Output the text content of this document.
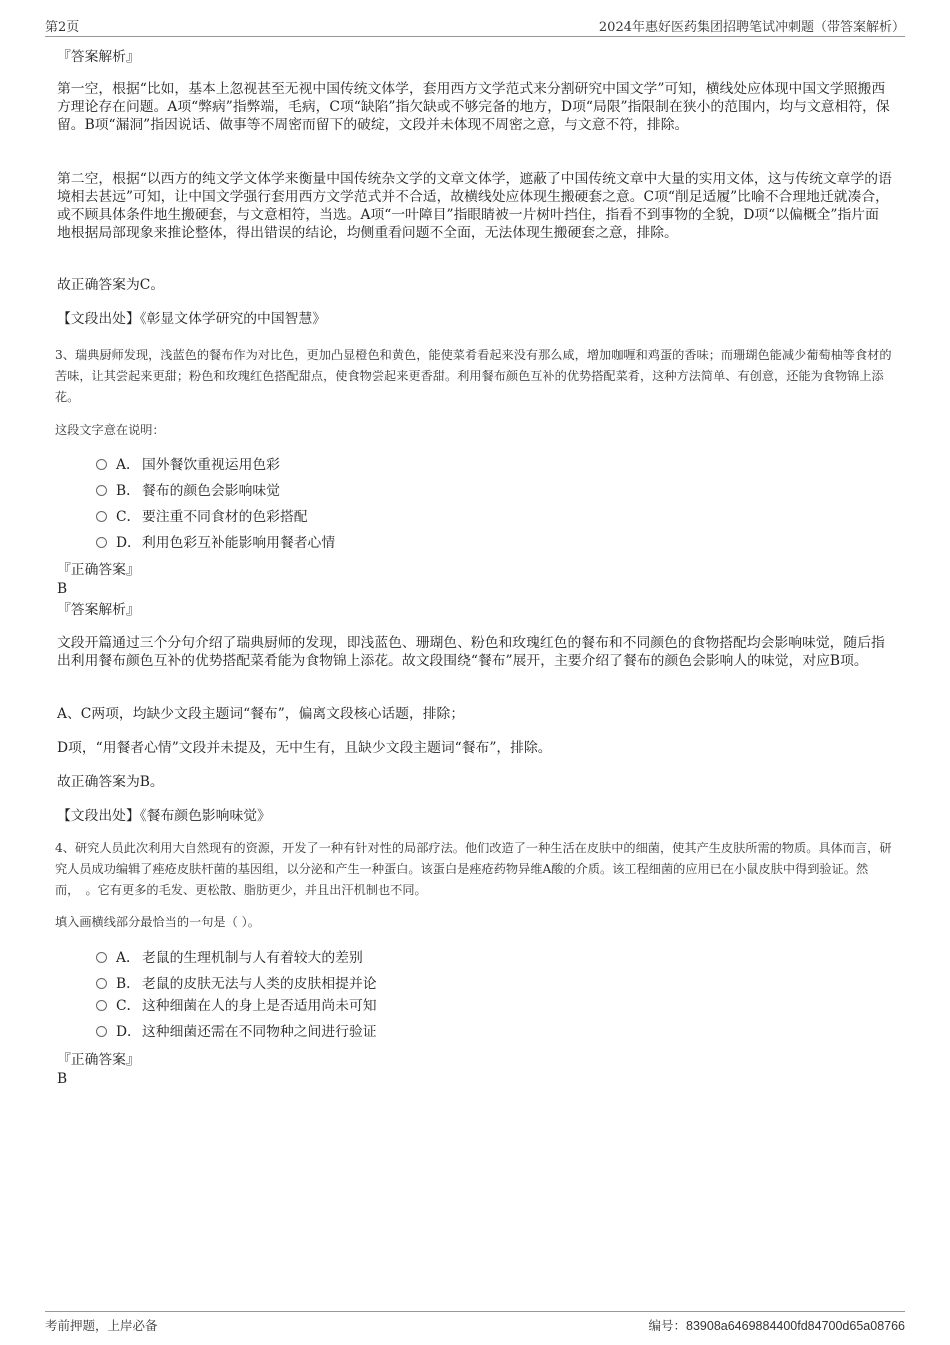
第2页	2024年惠好医药集团招聘笔试冲刺题（带答案解析）
『答案解析』
第一空，根据“比如，基本上忽视甚至无视中国传统文体学，套用西方文学范式来分割研究中国文学”可知，横线处应体现中国文学照搬西方理论存在问题。A项“弊病”指弊端，毛病，C项“缺陷”指欠缺或不够完备的地方，D项“局限”指限制在狭小的范围内，均与文意相符，保留。B项“漏洞”指因说话、做事等不周密而留下的破绽，文段并未体现不周密之意，与文意不符，排除。
第二空，根据“以西方的纯文学文体学来衡量中国传统杂文学的文章文体学，遮蔽了中国传统文章中大量的实用文体，这与传统文章学的语境相去甚远”可知，让中国文学强行套用西方文学范式并不合适，故横线处应体现生搬硬套之意。C项“削足适履”比喻不合理地迁就凑合，或不顾具体条件地生搬硬套，与文意相符，当选。A项“一叶障目”指眼睛被一片树叶挡住，指看不到事物的全貌，D项“以偏概全”指片面地根据局部现象来推论整体，得出错误的结论，均侧重看问题不全面，无法体现生搬硬套之意，排除。
故正确答案为C。
【文段出处】《彰显文体学研究的中国智慧》
3、瑞典厨师发现，浅蓝色的餐布作为对比色，更加凸显橙色和黄色，能使菜肴看起来没有那么咸，增加咖喱和鸡蛋的香味；而珊瑚色能减少葡萄柚等食材的苦味，让其尝起来更甜；粉色和玫瑰红色搭配甜点，使食物尝起来更香甜。利用餐布颜色互补的优势搭配菜肴，这种方法简单、有创意，还能为食物锦上添花。
这段文字意在说明：
A． 国外餐饮重视运用色彩
B． 餐布的颜色会影响味觉
C． 要注重不同食材的色彩搭配
D．利用色彩互补能影响用餐者心情
『正确答案』
B
『答案解析』
文段开篇通过三个分句介绍了瑞典厨师的发现，即浅蓝色、珊瑚色、粉色和玫瑰红色的餐布和不同颜色的食物搭配均会影响味觉，随后指出利用餐布颜色互补的优势搭配菜肴能为食物锦上添花。故文段围绕“餐布”展开，主要介绍了餐布的颜色会影响人的味觉，对应B项。
A、C两项，均缺少文段主题词“餐布”，偏离文段核心话题，排除；
D项，“用餐者心情”文段并未提及，无中生有，且缺少文段主题词“餐布”，排除。
故正确答案为B。
【文段出处】《餐布颜色影响味觉》
4、研究人员此次利用大自然现有的资源，开发了一种有针对性的局部疗法。他们改造了一种生活在皮肤中的细菌，使其产生皮肤所需的物质。具体而言，研究人员成功编辑了痤疮皮肤杆菌的基因组，以分泌和产生一种蛋白。该蛋白是痤疮药物异维A酸的介质。该工程细菌的应用已在小鼠皮肤中得到验证。然而，　。它有更多的毛发、更松散、脂肪更少，并且出汗机制也不同。
填入画横线部分最恰当的一句是（ ）。
A． 老鼠的生理机制与人有着较大的差别
B． 老鼠的皮肤无法与人类的皮肤相提并论
C． 这种细菌在人的身上是否适用尚未可知
D．这种细菌还需在不同物种之间进行验证
『正确答案』
B
考前押题，上岸必备	编号：83908a6469884400fd84700d65a08766
